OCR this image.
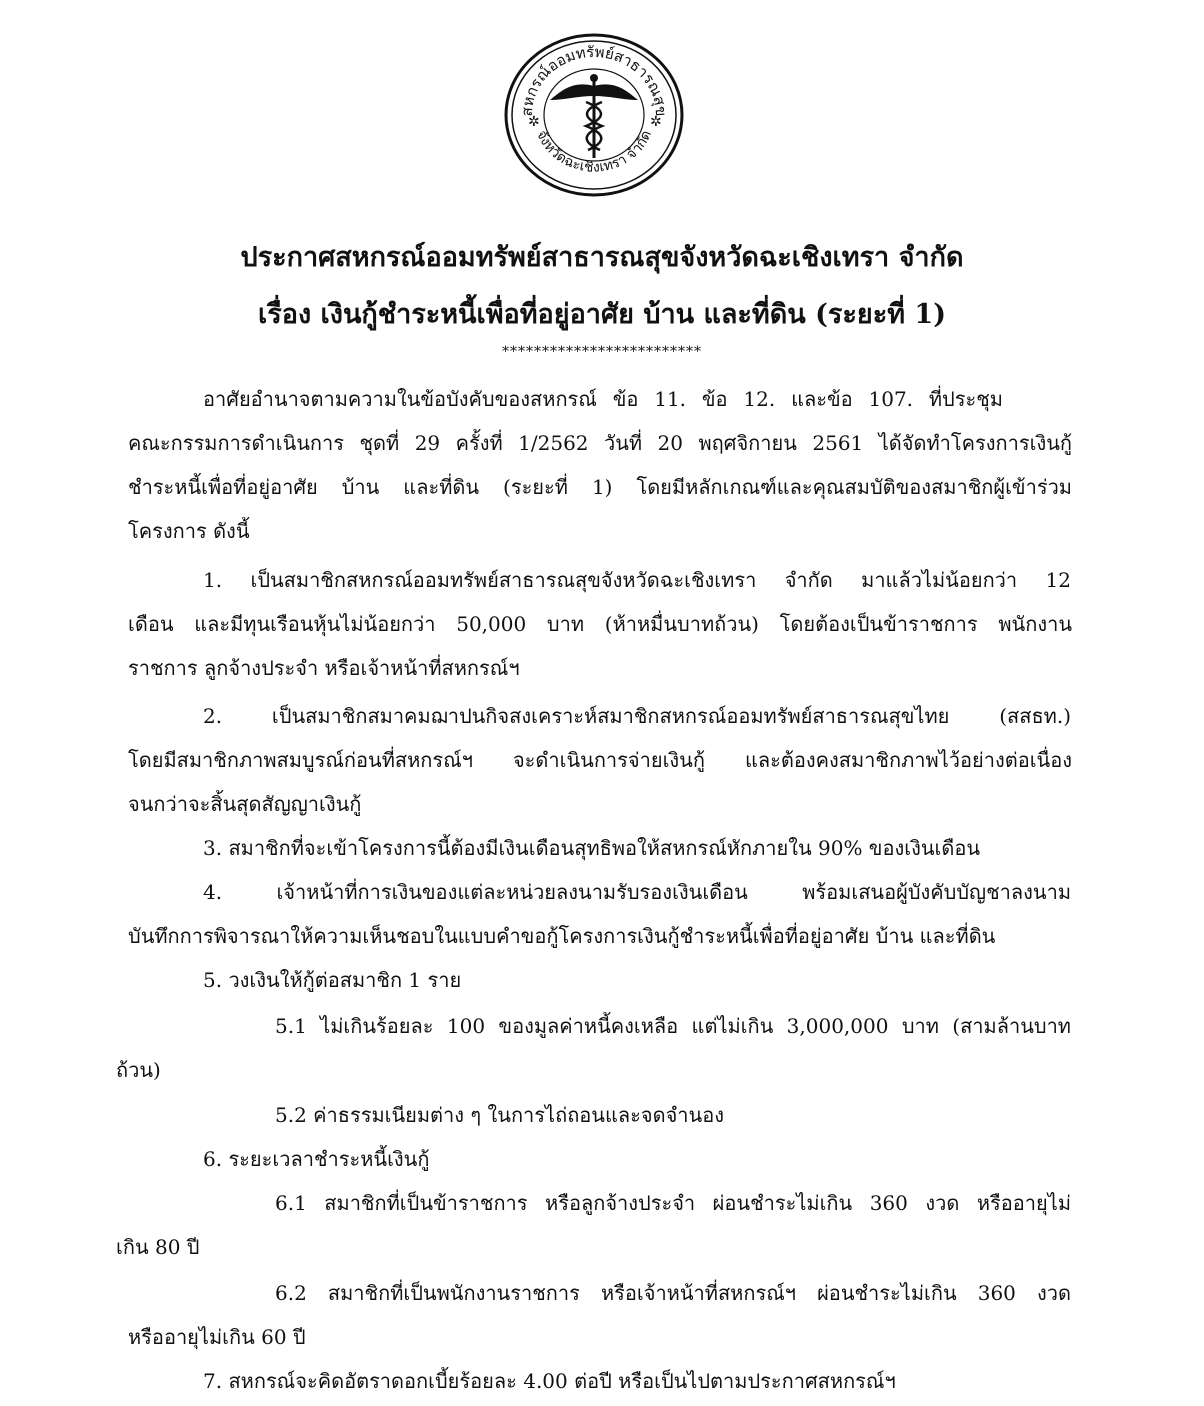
สหกรณ์ออมทรัพย์สาธารณสุข
จังหวัดฉะเชิงเทรา จำกัด
✲	✲
ประกาศสหกรณ์ออมทรัพย์สาธารณสุขจังหวัดฉะเชิงเทรา จำกัด
เรื่อง เงินกู้ชำระหนี้เพื่อที่อยู่อาศัย บ้าน และที่ดิน (ระยะที่ 1)
*************************
อาศัยอำนาจตามความในข้อบังคับของสหกรณ์ ข้อ 11. ข้อ 12. และข้อ 107. ที่ประชุม
คณะกรรมการดำเนินการ ชุดที่ 29 ครั้งที่ 1/2562 วันที่ 20 พฤศจิกายน 2561 ได้จัดทำโครงการเงินกู้
ชำระหนี้เพื่อที่อยู่อาศัย บ้าน และที่ดิน (ระยะที่ 1) โดยมีหลักเกณฑ์และคุณสมบัติของสมาชิกผู้เข้าร่วม
โครงการ ดังนี้
1. เป็นสมาชิกสหกรณ์ออมทรัพย์สาธารณสุขจังหวัดฉะเชิงเทรา จำกัด มาแล้วไม่น้อยกว่า 12
เดือน และมีทุนเรือนหุ้นไม่น้อยกว่า 50,000 บาท (ห้าหมื่นบาทถ้วน) โดยต้องเป็นข้าราชการ พนักงาน
ราชการ ลูกจ้างประจำ หรือเจ้าหน้าที่สหกรณ์ฯ
2. เป็นสมาชิกสมาคมฌาปนกิจสงเคราะห์สมาชิกสหกรณ์ออมทรัพย์สาธารณสุขไทย (สสธท.)
โดยมีสมาชิกภาพสมบูรณ์ก่อนที่สหกรณ์ฯ จะดำเนินการจ่ายเงินกู้ และต้องคงสมาชิกภาพไว้อย่างต่อเนื่อง
จนกว่าจะสิ้นสุดสัญญาเงินกู้
3. สมาชิกที่จะเข้าโครงการนี้ต้องมีเงินเดือนสุทธิพอให้สหกรณ์หักภายใน 90% ของเงินเดือน
4. เจ้าหน้าที่การเงินของแต่ละหน่วยลงนามรับรองเงินเดือน พร้อมเสนอผู้บังคับบัญชาลงนาม
บันทึกการพิจารณาให้ความเห็นชอบในแบบคำขอกู้โครงการเงินกู้ชำระหนี้เพื่อที่อยู่อาศัย บ้าน และที่ดิน
5. วงเงินให้กู้ต่อสมาชิก 1 ราย
5.1 ไม่เกินร้อยละ 100 ของมูลค่าหนี้คงเหลือ แต่ไม่เกิน 3,000,000 บาท (สามล้านบาท
ถ้วน)
5.2 ค่าธรรมเนียมต่าง ๆ ในการไถ่ถอนและจดจำนอง
6. ระยะเวลาชำระหนี้เงินกู้
6.1 สมาชิกที่เป็นข้าราชการ หรือลูกจ้างประจำ ผ่อนชำระไม่เกิน 360 งวด หรืออายุไม่
เกิน 80 ปี
6.2 สมาชิกที่เป็นพนักงานราชการ หรือเจ้าหน้าที่สหกรณ์ฯ ผ่อนชำระไม่เกิน 360 งวด
หรืออายุไม่เกิน 60 ปี
7. สหกรณ์จะคิดอัตราดอกเบี้ยร้อยละ 4.00 ต่อปี หรือเป็นไปตามประกาศสหกรณ์ฯ
